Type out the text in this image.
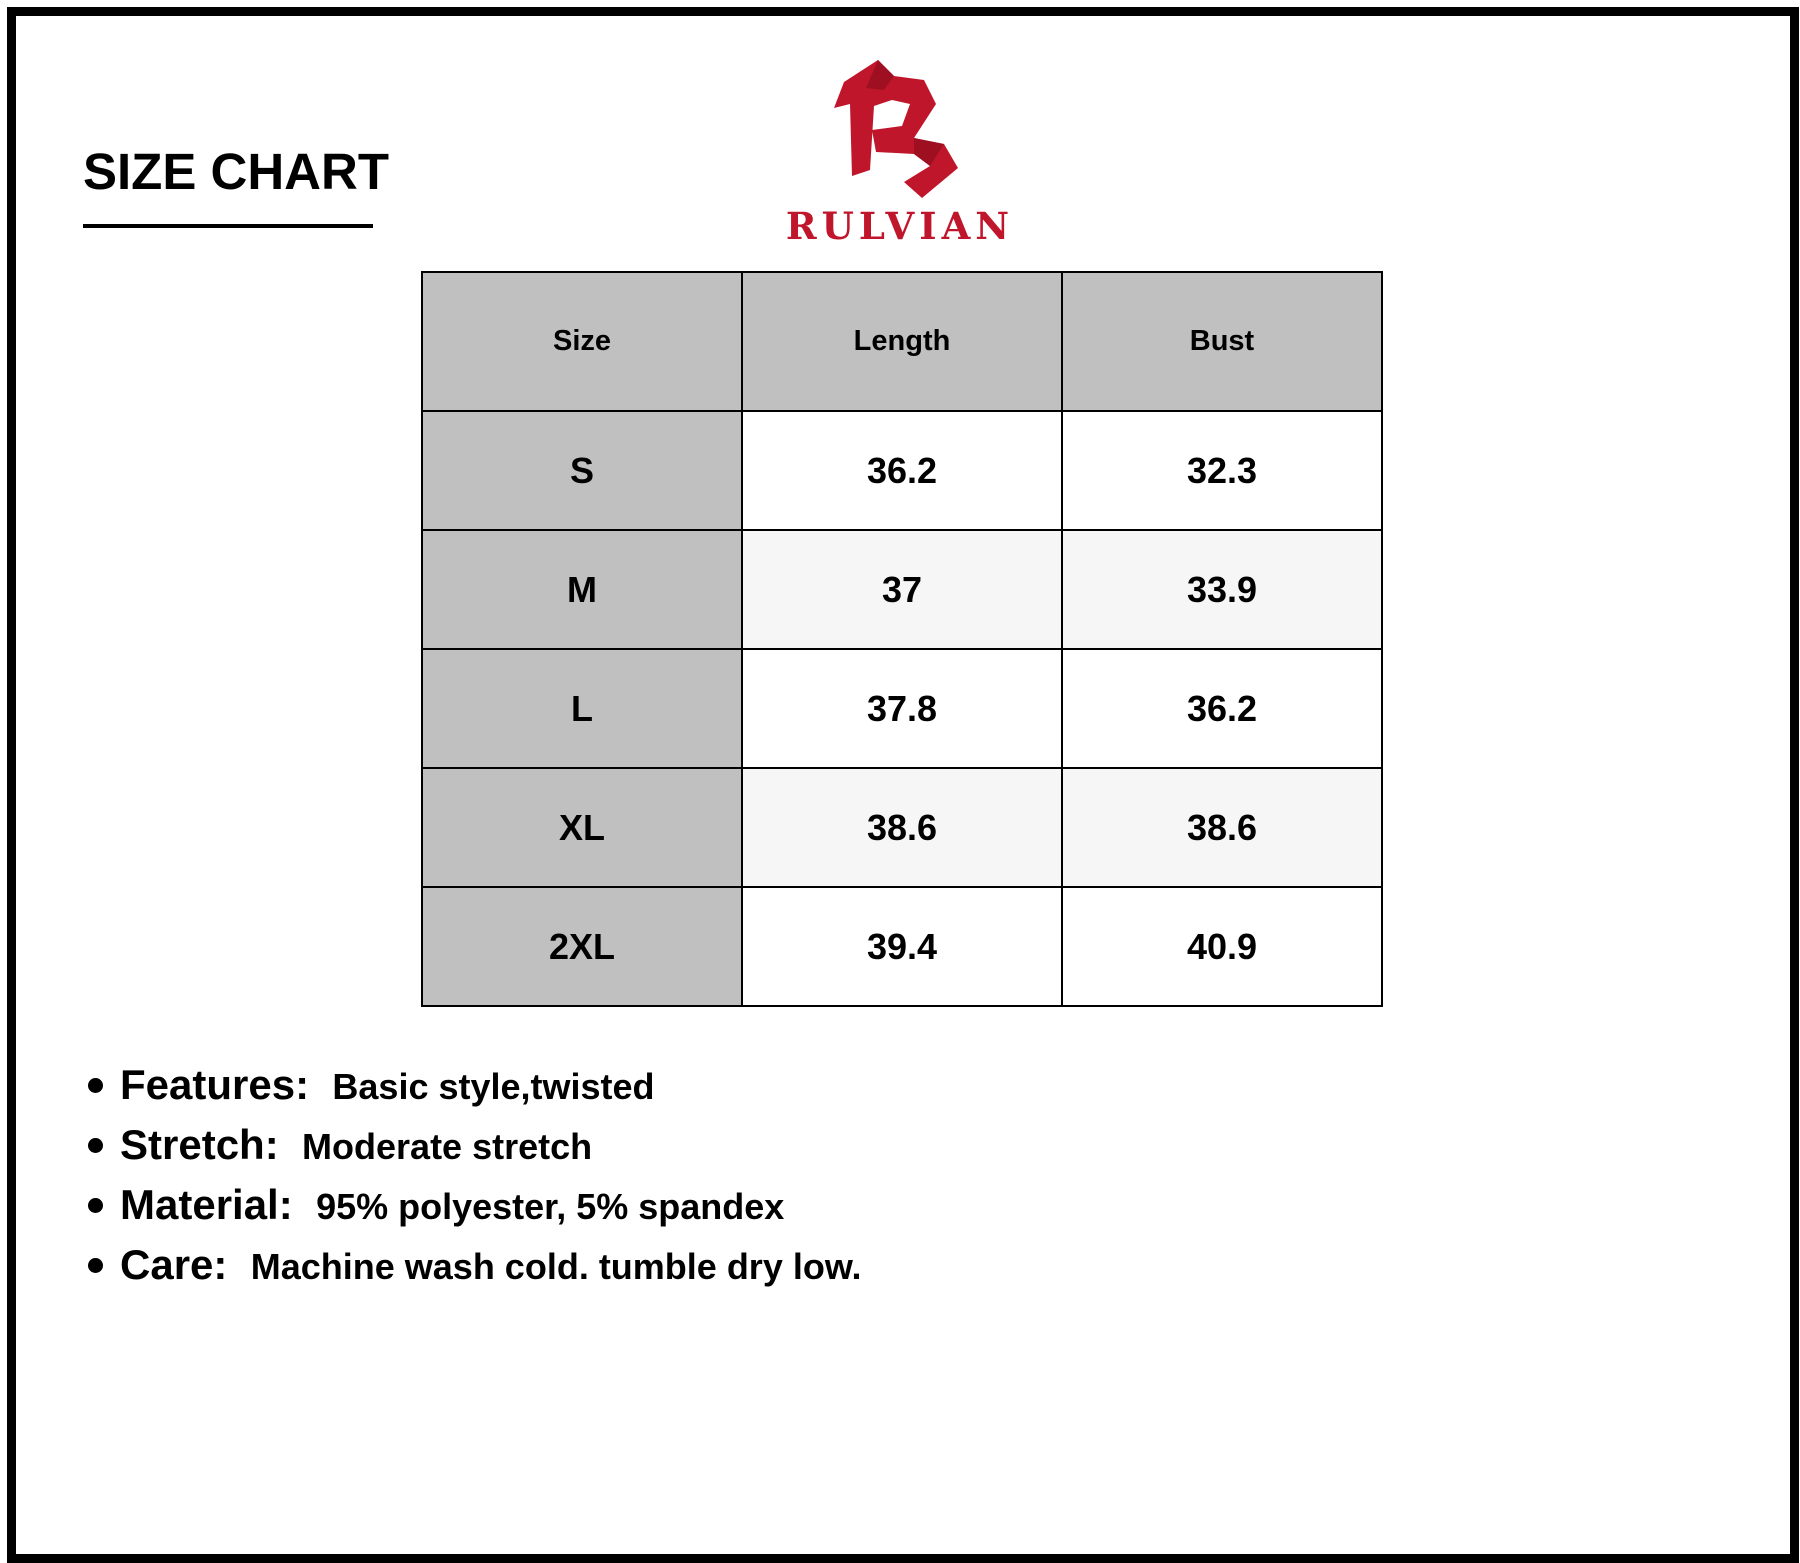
SIZE CHART
RULVIAN
Size	Length	Bust
S	36.2	32.3
M	37	33.9
L	37.8	36.2
XL	38.6	38.6
2XL	39.4	40.9
Features: Basic style,twisted
Stretch: Moderate stretch
Material: 95% polyester, 5% spandex
Care: Machine wash cold. tumble dry low.
